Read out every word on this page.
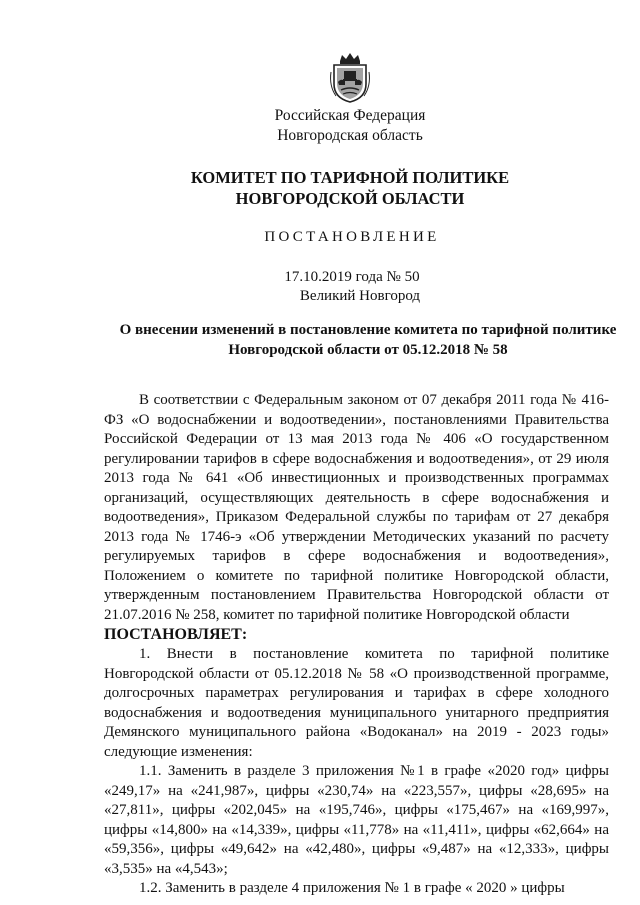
Российская Федерация
Новгородская область
КОМИТЕТ ПО ТАРИФНОЙ ПОЛИТИКЕ НОВГОРОДСКОЙ ОБЛАСТИ
ПОСТАНОВЛЕНИЕ
17.10.2019 года № 50
Великий Новгород
О внесении изменений в постановление комитета по тарифной политике Новгородской области от 05.12.2018 № 58

В соответствии с Федеральным законом от 07 декабря 2011 года № 416-ФЗ «О водоснабжении и водоотведении», постановлениями Правительства Российской Федерации от 13 мая 2013 года № 406 «О государственном регулировании тарифов в сфере водоснабжения и водоотведения», от 29 июля 2013 года № 641 «Об инвестиционных и производственных программах организаций, осуществляющих деятельность в сфере водоснабжения и водоотведения», Приказом Федеральной службы по тарифам от 27 декабря 2013 года № 1746-э «Об утверждении Методических указаний по расчету регулируемых тарифов в сфере водоснабжения и водоотведения», Положением о комитете по тарифной политике Новгородской области, утвержденным постановлением Правительства Новгородской области от 21.07.2016 № 258, комитет по тарифной политике Новгородской области

ПОСТАНОВЛЯЕТ:

1. Внести в постановление комитета по тарифной политике Новгородской области от 05.12.2018 № 58 «О производственной программе, долгосрочных параметрах регулирования и тарифах в сфере холодного водоснабжения и водоотведения муниципального унитарного предприятия Демянского муниципального района «Водоканал» на 2019 - 2023 годы» следующие изменения:

1.1. Заменить в разделе 3 приложения №1 в графе «2020 год» цифры «249,17» на «241,987», цифры «230,74» на «223,557», цифры «28,695» на «27,811», цифры «202,045» на «195,746», цифры «175,467» на «169,997», цифры «14,800» на «14,339», цифры «11,778» на «11,411», цифры «62,664» на «59,356», цифры «49,642» на «42,480», цифры «9,487» на «12,333», цифры «3,535» на «4,543»;

1.2. Заменить в разделе 4 приложения № 1 в графе « 2020 » цифры
